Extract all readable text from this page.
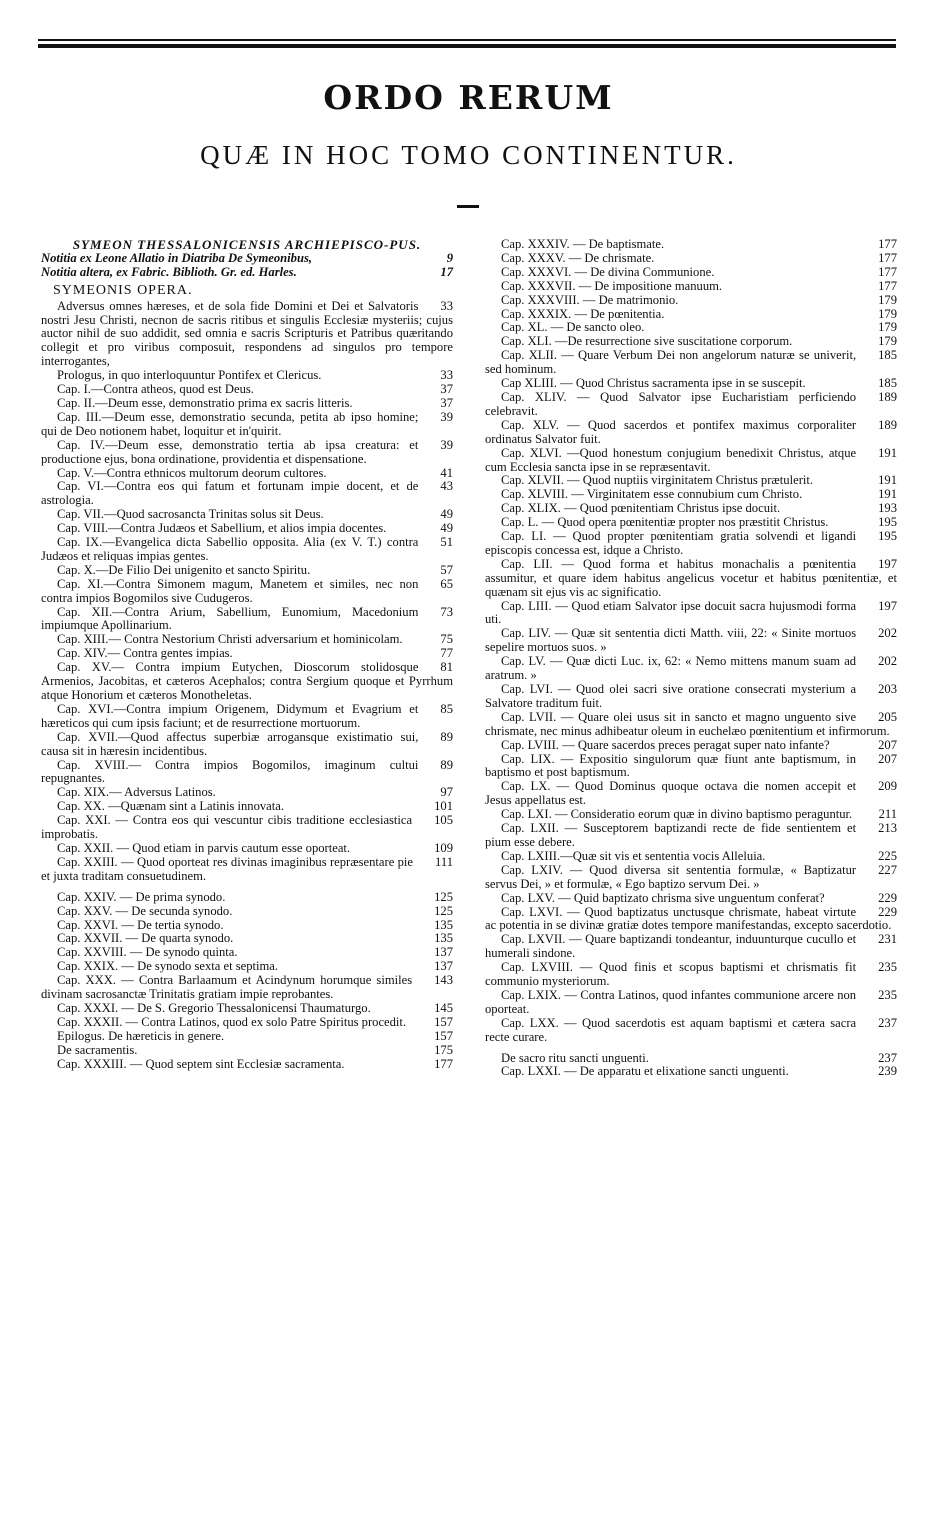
ORDO RERUM
QUÆ IN HOC TOMO CONTINENTUR.
SYMEON THESSALONICENSIS ARCHIEPISCO-PUS.
9
Notitia ex Leone Allatio in Diatriba De Symeonibus,
17
Notitia altera, ex Fabric. Biblioth. Gr. ed. Harles.
SYMEONIS OPERA.
33
Adversus omnes hæreses, et de sola fide Domini et Dei et Salvatoris nostri Jesu Christi, necnon de sacris ritibus et singulis Ecclesiæ mysteriis; cujus auctor nihil de suo addidit, sed omnia e sacris Scripturis et Patribus quæritando collegit et pro viribus composuit, respondens ad singulos pro tempore interrogantes,
33
Prologus, in quo interloquuntur Pontifex et Clericus.
37
Cap. I.—Contra atheos, quod est Deus.
37
Cap. II.—Deum esse, demonstratio prima ex sacris litteris.
39
Cap. III.—Deum esse, demonstratio secunda, petita ab ipso homine; qui de Deo notionem habet, loquitur et in'quirit.
39
Cap. IV.—Deum esse, demonstratio tertia ab ipsa creatura: et productione ejus, bona ordinatione, providentia et dispensatione.
41
Cap. V.—Contra ethnicos multorum deorum cultores.
43
Cap. VI.—Contra eos qui fatum et fortunam impie docent, et de astrologia.
49
Cap. VII.—Quod sacrosancta Trinitas solus sit Deus.
49
Cap. VIII.—Contra Judæos et Sabellium, et alios impia docentes.
51
Cap. IX.—Evangelica dicta Sabellio opposita. Alia (ex V. T.) contra Judæos et reliquas impias gentes.
57
Cap. X.—De Filio Dei unigenito et sancto Spiritu.
65
Cap. XI.—Contra Simonem magum, Manetem et similes, nec non contra impios Bogomilos sive Cudugeros.
73
Cap. XII.—Contra Arium, Sabellium, Eunomium, Macedonium impiumque Apollinarium.
75
Cap. XIII.— Contra Nestorium Christi adversarium et hominicolam.
77
Cap. XIV.— Contra gentes impias.
81
Cap. XV.— Contra impium Eutychen, Dioscorum stolidosque Armenios, Jacobitas, et cæteros Acephalos; contra Sergium quoque et Pyrrhum atque Honorium et cæteros Monotheletas.
85
Cap. XVI.—Contra impium Origenem, Didymum et Evagrium et hæreticos qui cum ipsis faciunt; et de resurrectione mortuorum.
89
Cap. XVII.—Quod affectus superbiæ arrogansque existimatio sui, causa sit in hæresin incidentibus.
89
Cap. XVIII.— Contra impios Bogomilos, imaginum cultui repugnantes.
97
Cap. XIX.— Adversus Latinos.
101
Cap. XX. —Quænam sint a Latinis innovata.
105
Cap. XXI. — Contra eos qui vescuntur cibis traditione ecclesiastica improbatis.
109
Cap. XXII. — Quod etiam in parvis cautum esse oporteat.
111
Cap. XXIII. — Quod oporteat res divinas imaginibus repræsentare pie et juxta traditam consuetudinem.
125
Cap. XXIV. — De prima synodo.
125
Cap. XXV. — De secunda synodo.
135
Cap. XXVI. — De tertia synodo.
135
Cap. XXVII. — De quarta synodo.
137
Cap. XXVIII. — De synodo quinta.
137
Cap. XXIX. — De synodo sexta et septima.
143
Cap. XXX. — Contra Barlaamum et Acindynum horumque similes divinam sacrosanctæ Trinitatis gratiam impie reprobantes.
145
Cap. XXXI. — De S. Gregorio Thessalonicensi Thaumaturgo.
157
Cap. XXXII. — Contra Latinos, quod ex solo Patre Spiritus procedit.
157
Epilogus. De hæreticis in genere.
175
De sacramentis.
177
Cap. XXXIII. — Quod septem sint Ecclesiæ sacramenta.
177
Cap. XXXIV. — De baptismate.
177
Cap. XXXV. — De chrismate.
177
Cap. XXXVI. — De divina Communione.
177
Cap. XXXVII. — De impositione manuum.
179
Cap. XXXVIII. — De matrimonio.
179
Cap. XXXIX. — De pœnitentia.
179
Cap. XL. — De sancto oleo.
179
Cap. XLI. —De resurrectione sive suscitatione corporum.
185
Cap. XLII. — Quare Verbum Dei non angelorum naturæ se univerit, sed hominum.
185
Cap XLIII. — Quod Christus sacramenta ipse in se suscepit.
189
Cap. XLIV. — Quod Salvator ipse Eucharistiam perficiendo celebravit.
189
Cap. XLV. — Quod sacerdos et pontifex maximus corporaliter ordinatus Salvator fuit.
191
Cap. XLVI. —Quod honestum conjugium benedixit Christus, atque cum Ecclesia sancta ipse in se repræsentavit.
191
Cap. XLVII. — Quod nuptiis virginitatem Christus prætulerit.
191
Cap. XLVIII. — Virginitatem esse connubium cum Christo.
193
Cap. XLIX. — Quod pœnitentiam Christus ipse docuit.
195
Cap. L. — Quod opera pœnitentiæ propter nos præstitit Christus.
195
Cap. LI. — Quod propter pœnitentiam gratia solvendi et ligandi episcopis concessa est, idque a Christo.
197
Cap. LII. — Quod forma et habitus monachalis a pœnitentia assumitur, et quare idem habitus angelicus vocetur et habitus pœnitentiæ, et quænam sit ejus vis ac significatio.
197
Cap. LIII. — Quod etiam Salvator ipse docuit sacra hujusmodi forma uti.
202
Cap. LIV. — Quæ sit sententia dicti Matth. viii, 22: « Sinite mortuos sepelire mortuos suos. »
202
Cap. LV. — Quæ dicti Luc. ix, 62: « Nemo mittens manum suam ad aratrum. »
203
Cap. LVI. — Quod olei sacri sive oratione consecrati mysterium a Salvatore traditum fuit.
205
Cap. LVII. — Quare olei usus sit in sancto et magno unguento sive chrismate, nec minus adhibeatur oleum in euchelæo pœnitentium et infirmorum.
207
Cap. LVIII. — Quare sacerdos preces peragat super nato infante?
207
Cap. LIX. — Expositio singulorum quæ fiunt ante baptismum, in baptismo et post baptismum.
209
Cap. LX. — Quod Dominus quoque octava die nomen accepit et Jesus appellatus est.
211
Cap. LXI. — Consideratio eorum quæ in divino baptismo peraguntur.
213
Cap. LXII. — Susceptorem baptizandi recte de fide sentientem et pium esse debere.
225
Cap. LXIII.—Quæ sit vis et sententia vocis Alleluia.
227
Cap. LXIV. — Quod diversa sit sententia formulæ, « Baptizatur servus Dei, » et formulæ, « Ego baptizo servum Dei. »
229
Cap. LXV. — Quid baptizato chrisma sive unguentum conferat?
229
Cap. LXVI. — Quod baptizatus unctusque chrismate, habeat virtute ac potentia in se divinæ gratiæ dotes tempore manifestandas, excepto sacerdotio.
231
Cap. LXVII. — Quare baptizandi tondeantur, induunturque cucullo et humerali sindone.
235
Cap. LXVIII. — Quod finis et scopus baptismi et chrismatis fit communio mysteriorum.
235
Cap. LXIX. — Contra Latinos, quod infantes communione arcere non oporteat.
237
Cap. LXX. — Quod sacerdotis est aquam baptismi et cætera sacra recte curare.
237
De sacro ritu sancti unguenti.
239
Cap. LXXI. — De apparatu et elixatione sancti unguenti.
